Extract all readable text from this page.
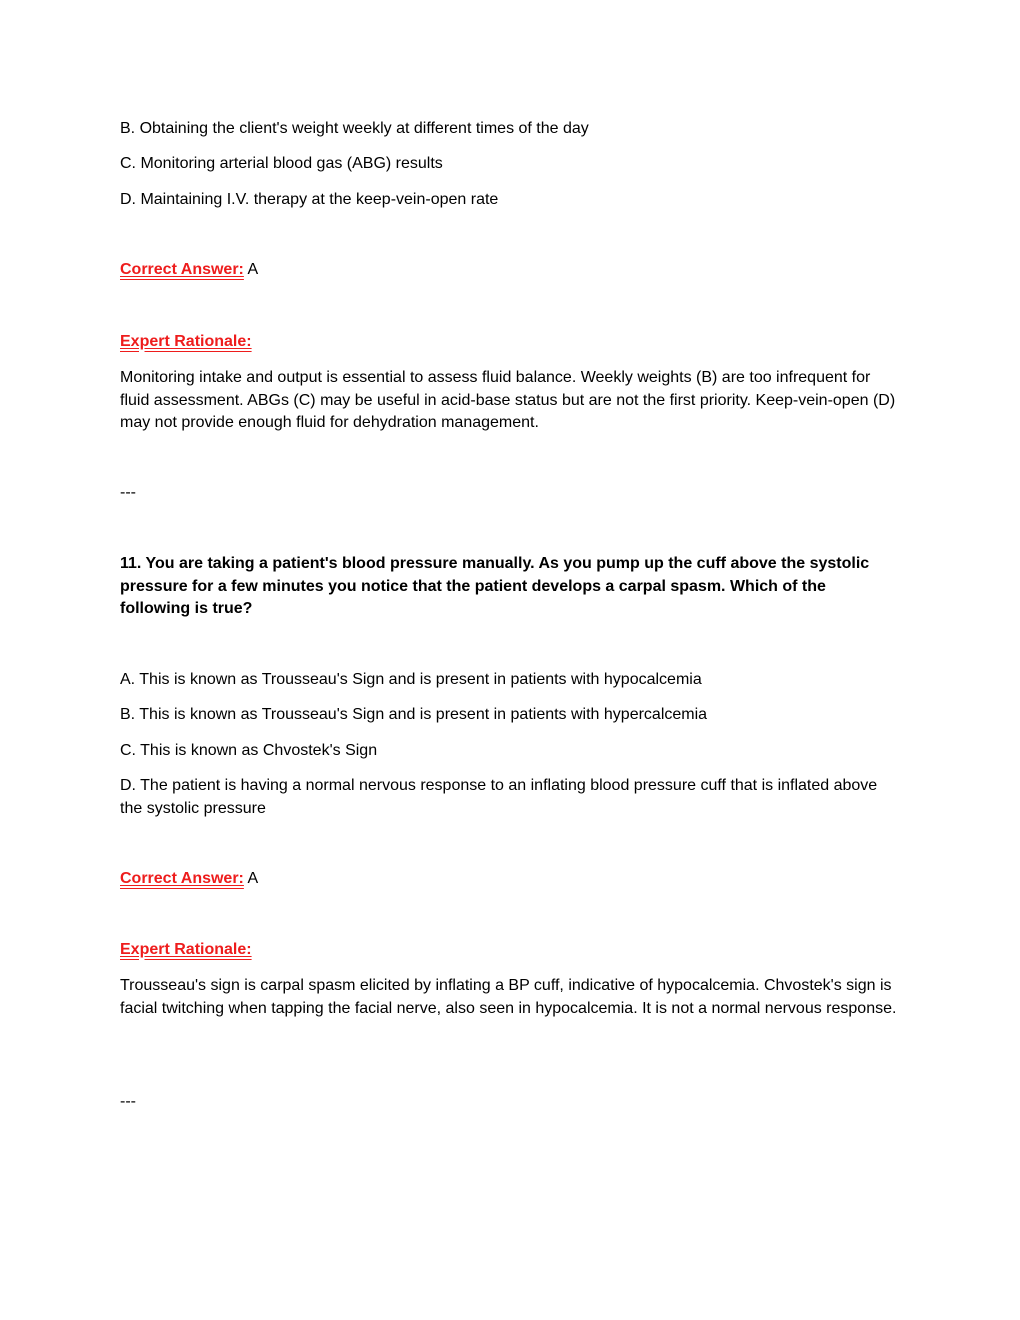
B. Obtaining the client's weight weekly at different times of the day

C. Monitoring arterial blood gas (ABG) results

D. Maintaining I.V. therapy at the keep-vein-open rate

Correct Answer: A

Expert Rationale:

Monitoring intake and output is essential to assess fluid balance. Weekly weights (B) are too infrequent for fluid assessment. ABGs (C) may be useful in acid-base status but are not the first priority. Keep-vein-open (D) may not provide enough fluid for dehydration management.

---

11. You are taking a patient's blood pressure manually. As you pump up the cuff above the systolic pressure for a few minutes you notice that the patient develops a carpal spasm. Which of the following is true?

A. This is known as Trousseau's Sign and is present in patients with hypocalcemia

B. This is known as Trousseau's Sign and is present in patients with hypercalcemia

C. This is known as Chvostek's Sign

D. The patient is having a normal nervous response to an inflating blood pressure cuff that is inflated above the systolic pressure

Correct Answer: A

Expert Rationale:

Trousseau's sign is carpal spasm elicited by inflating a BP cuff, indicative of hypocalcemia. Chvostek's sign is facial twitching when tapping the facial nerve, also seen in hypocalcemia. It is not a normal nervous response.

---
